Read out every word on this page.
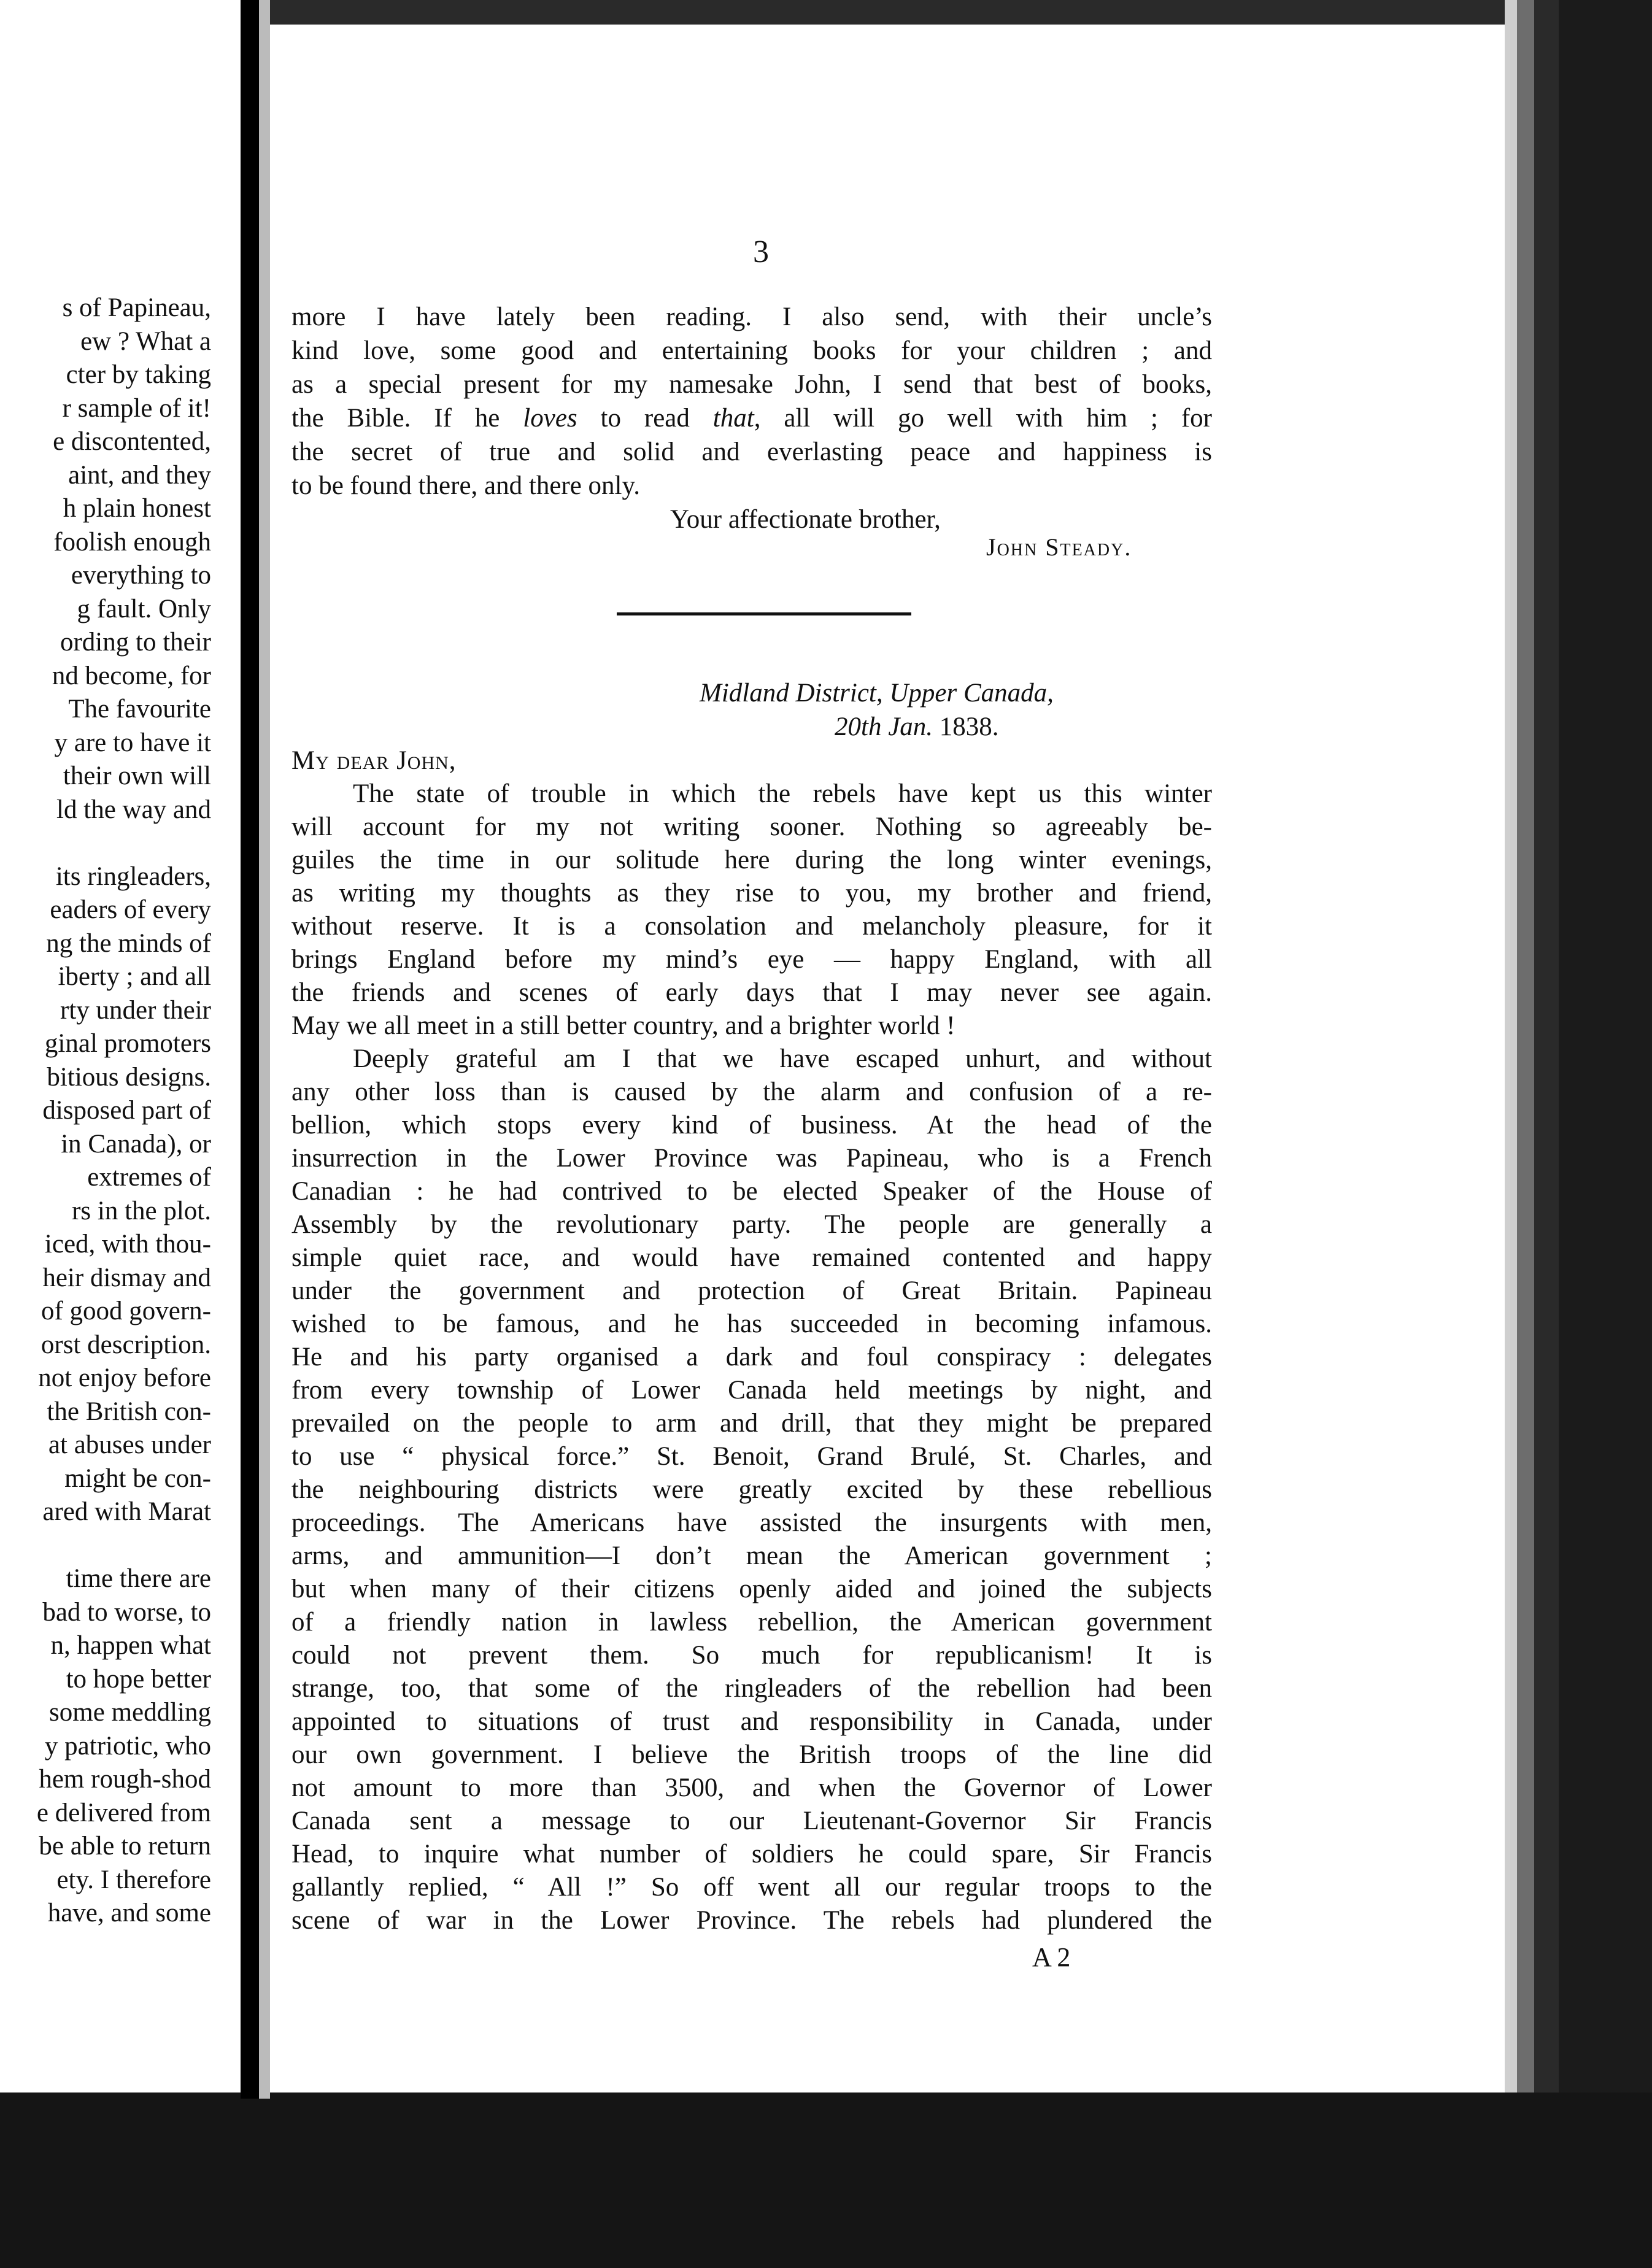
s of Papineau,
ew ? What a
cter by taking
r sample of it!
e discontented,
aint, and they
h plain honest
foolish enough
everything to
g fault. Only
ording to their
nd become, for
The favourite
y are to have it
their own will
ld the way and
its ringleaders,
eaders of every
ng the minds of
iberty ; and all
rty under their
ginal promoters
bitious designs.
disposed part of
in Canada), or
extremes of
rs in the plot.
iced, with thou-
heir dismay and
of good govern-
orst description.
not enjoy before
the British con-
at abuses under
might be con-
ared with Marat
time there are
bad to worse, to
n, happen what
to hope better
some meddling
y patriotic, who
hem rough-shod
e delivered from
be able to return
ety. I therefore
have, and some
3
more I have lately been reading. I also send, with their uncle’s
kind love, some good and entertaining books for your children ; and
as a special present for my namesake John, I send that best of books,
the Bible. If he loves to read that, all will go well with him ; for
the secret of true and solid and everlasting peace and happiness is
to be found there, and there only.
Your affectionate brother,
John Steady.
Midland District, Upper Canada,
20th Jan. 1838.
My dear John,
The state of trouble in which the rebels have kept us this winter
will account for my not writing sooner. Nothing so agreeably be-
guiles the time in our solitude here during the long winter evenings,
as writing my thoughts as they rise to you, my brother and friend,
without reserve. It is a consolation and melancholy pleasure, for it
brings England before my mind’s eye — happy England, with all
the friends and scenes of early days that I may never see again.
May we all meet in a still better country, and a brighter world !
Deeply grateful am I that we have escaped unhurt, and without
any other loss than is caused by the alarm and confusion of a re-
bellion, which stops every kind of business. At the head of the
insurrection in the Lower Province was Papineau, who is a French
Canadian : he had contrived to be elected Speaker of the House of
Assembly by the revolutionary party. The people are generally a
simple quiet race, and would have remained contented and happy
under the government and protection of Great Britain. Papineau
wished to be famous, and he has succeeded in becoming infamous.
He and his party organised a dark and foul conspiracy : delegates
from every township of Lower Canada held meetings by night, and
prevailed on the people to arm and drill, that they might be prepared
to use “ physical force.” St. Benoit, Grand Brulé, St. Charles, and
the neighbouring districts were greatly excited by these rebellious
proceedings. The Americans have assisted the insurgents with men,
arms, and ammunition—I don’t mean the American government ;
but when many of their citizens openly aided and joined the subjects
of a friendly nation in lawless rebellion, the American government
could not prevent them. So much for republicanism! It is
strange, too, that some of the ringleaders of the rebellion had been
appointed to situations of trust and responsibility in Canada, under
our own government. I believe the British troops of the line did
not amount to more than 3500, and when the Governor of Lower
Canada sent a message to our Lieutenant-Governor Sir Francis
Head, to inquire what number of soldiers he could spare, Sir Francis
gallantly replied, “ All !” So off went all our regular troops to the
scene of war in the Lower Province. The rebels had plundered the
A 2
